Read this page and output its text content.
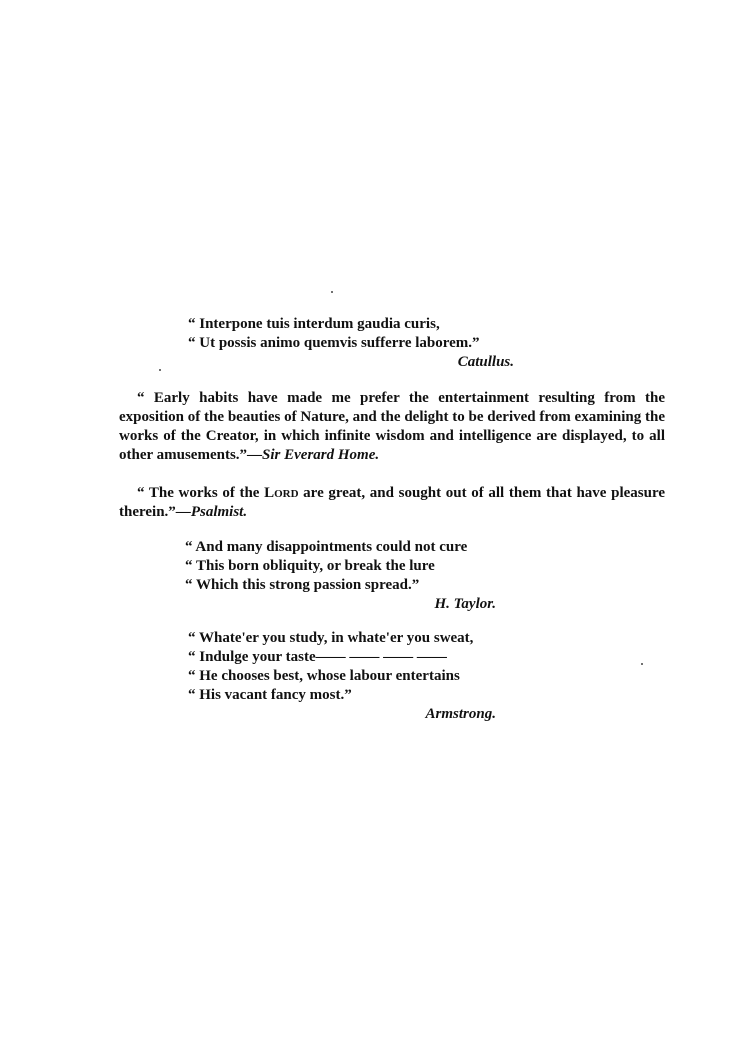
“ Interpone tuis interdum gaudia curis,
“ Ut possis animo quemvis sufferre laborem.”
Catullus.
“ Early habits have made me prefer the entertainment resulting from the exposition of the beauties of Nature, and the delight to be derived from examining the works of the Creator, in which infinite wisdom and intelligence are displayed, to all other amusements.”—Sir Everard Home.
“ The works of the Lord are great, and sought out of all them that have pleasure therein.”—Psalmist.
“ And many disappointments could not cure
“ This born obliquity, or break the lure
“ Which this strong passion spread.”
H. Taylor.
“ Whate'er you study, in whate'er you sweat,
“ Indulge your taste—— —— —— ——
“ He chooses best, whose labour entertains
“ His vacant fancy most.”
Armstrong.
